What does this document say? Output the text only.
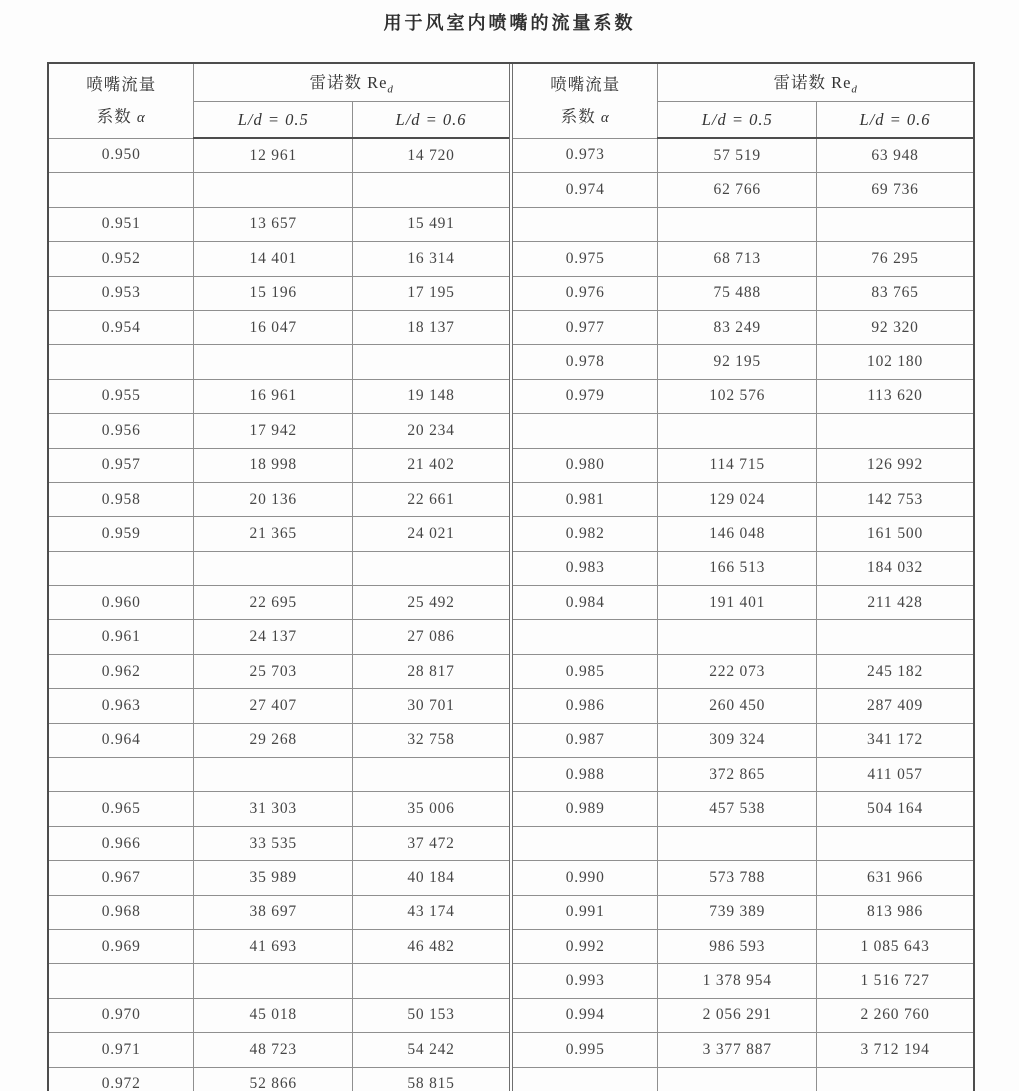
用于风室内喷嘴的流量系数
喷嘴流量
系数 α	雷诺数 $Re_d$
	L/d = 0.5	L/d = 0.6
0.950	12 961	14 720

0.951	13 657	15 491
0.952	14 401	16 314
0.953	15 196	17 195
0.954	16 047	18 137

0.955	16 961	19 148
0.956	17 942	20 234
0.957	18 998	21 402
0.958	20 136	22 661
0.959	21 365	24 021

0.960	22 695	25 492
0.961	24 137	27 086
0.962	25 703	28 817
0.963	27 407	30 701
0.964	29 268	32 758

0.965	31 303	35 006
0.966	33 535	37 472
0.967	35 989	40 184
0.968	38 697	43 174
0.969	41 693	46 482

0.970	45 018	50 153
0.971	48 723	54 242
0.972	52 866	58 815
喷嘴流量
系数 α	雷诺数 $Re_d$
	L/d = 0.5	L/d = 0.6
0.973	57 519	63 948
0.974	62 766	69 736

0.975	68 713	76 295
0.976	75 488	83 765
0.977	83 249	92 320
0.978	92 195	102 180
0.979	102 576	113 620

0.980	114 715	126 992
0.981	129 024	142 753
0.982	146 048	161 500
0.983	166 513	184 032
0.984	191 401	211 428

0.985	222 073	245 182
0.986	260 450	287 409
0.987	309 324	341 172
0.988	372 865	411 057
0.989	457 538	504 164

0.990	573 788	631 966
0.991	739 389	813 986
0.992	986 593	1 085 643
0.993	1 378 954	1 516 727
0.994	2 056 291	2 260 760
0.995	3 377 887	3 712 194
